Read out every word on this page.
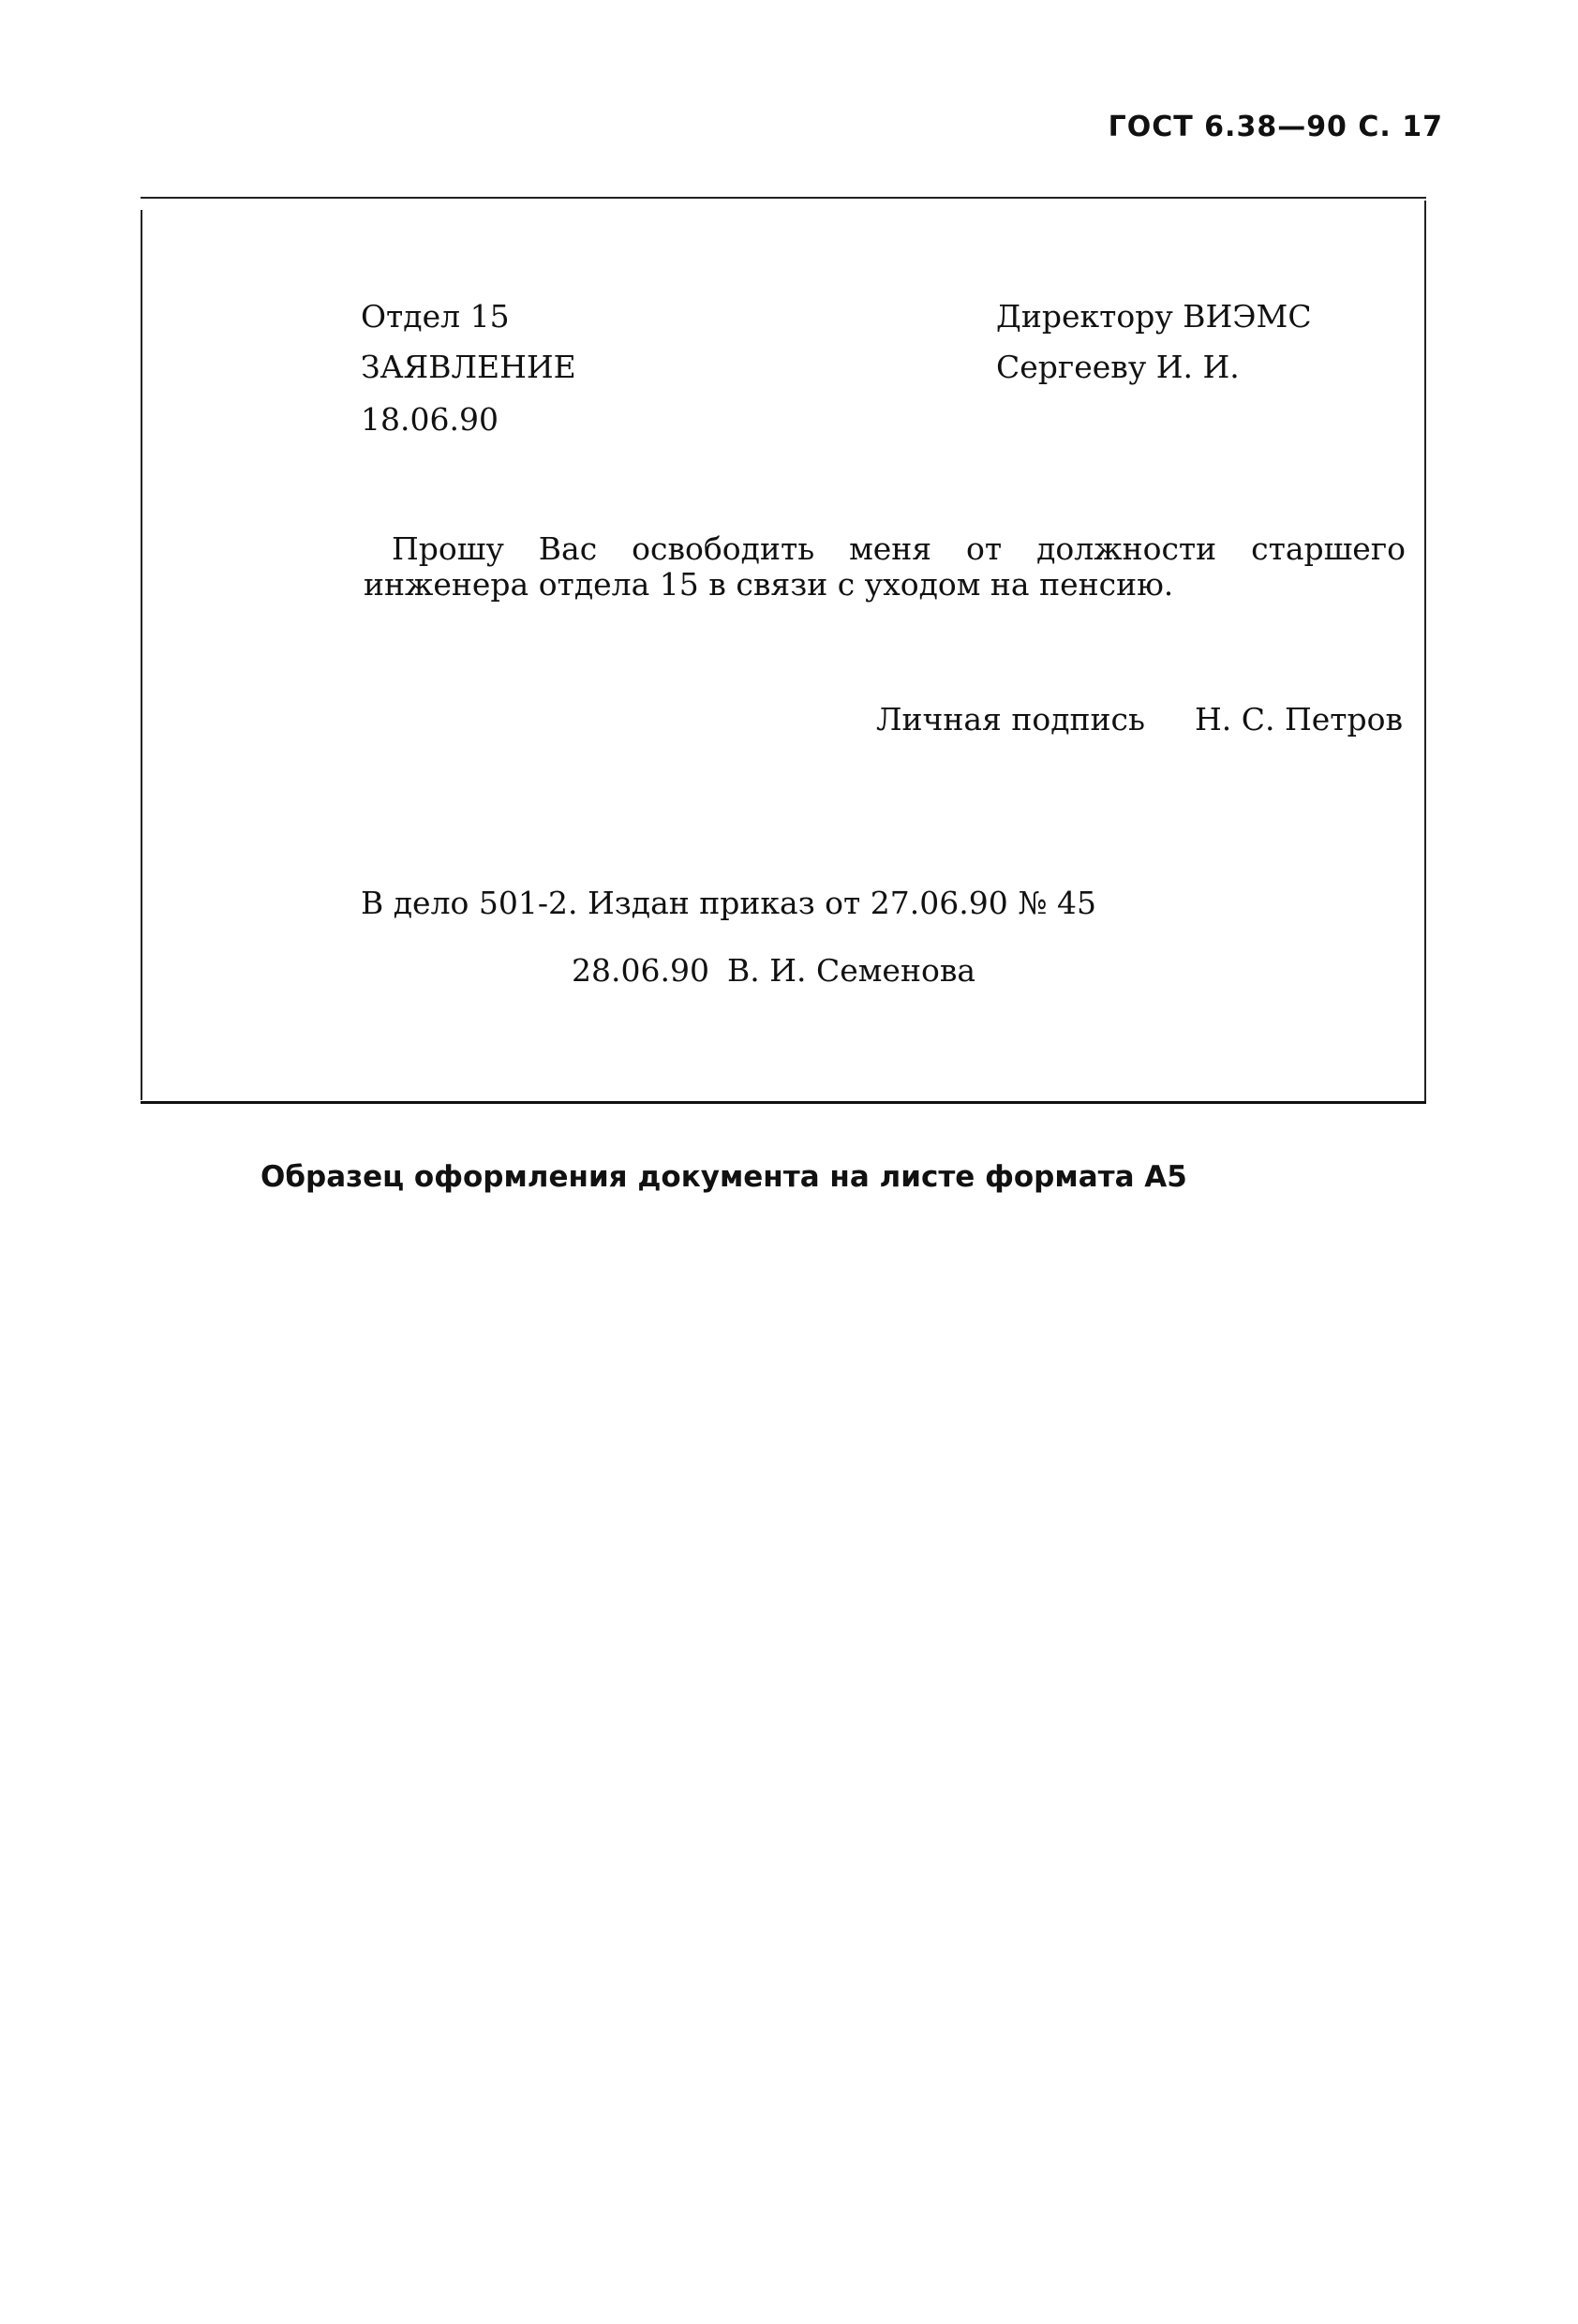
ГОСТ 6.38—90 С. 17
Отдел 15
ЗАЯВЛЕНИЕ
18.06.90
Директору ВИЭМС
Сергееву И. И.
Прошу Вас освободить меня от должности старшего инженера отдела 15 в связи с уходом на пенсию.
Личная подпись Н. С. Петров
В дело 501-2. Издан приказ от 27.06.90 № 45
28.06.90 В. И. Семенова
Образец оформления документа на листе формата А5
